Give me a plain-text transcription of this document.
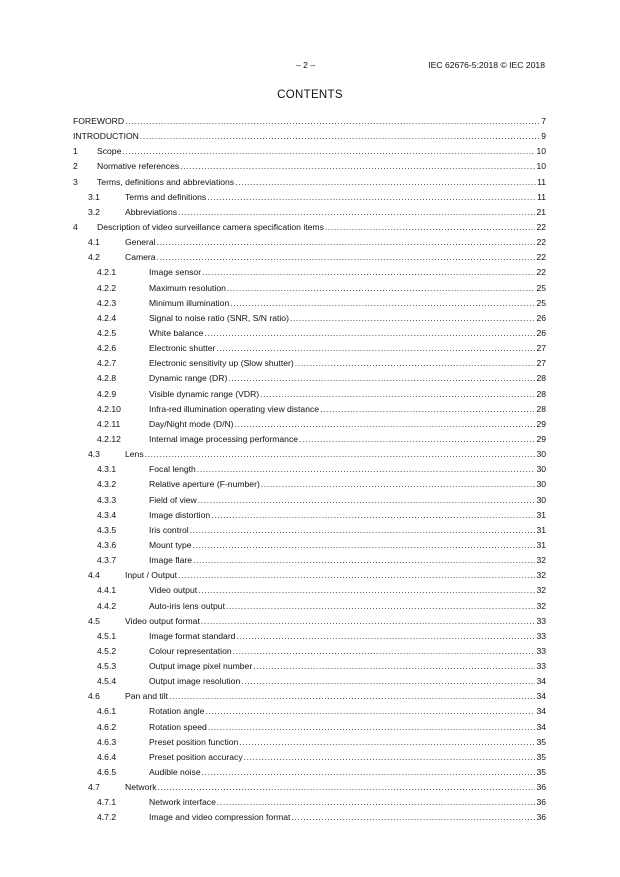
– 2 –	IEC 62676-5:2018 © IEC 2018
CONTENTS
FOREWORD .....	7
INTRODUCTION .....	9
1	Scope .....	10
2	Normative references .....	10
3	Terms, definitions and abbreviations .....	11
3.1	Terms and definitions .....	11
3.2	Abbreviations .....	21
4	Description of video surveillance camera specification items .....	22
4.1	General .....	22
4.2	Camera .....	22
4.2.1	Image sensor .....	22
4.2.2	Maximum resolution .....	25
4.2.3	Minimum illumination .....	25
4.2.4	Signal to noise ratio (SNR, S/N ratio) .....	26
4.2.5	White balance .....	26
4.2.6	Electronic shutter .....	27
4.2.7	Electronic sensitivity up (Slow shutter) .....	27
4.2.8	Dynamic range (DR) .....	28
4.2.9	Visible dynamic range (VDR) .....	28
4.2.10	Infra-red illumination operating view distance .....	28
4.2.11	Day/Night mode (D/N) .....	29
4.2.12	Internal image processing performance .....	29
4.3	Lens .....	30
4.3.1	Focal length .....	30
4.3.2	Relative aperture (F-number) .....	30
4.3.3	Field of view .....	30
4.3.4	Image distortion .....	31
4.3.5	Iris control .....	31
4.3.6	Mount type .....	31
4.3.7	Image flare .....	32
4.4	Input / Output .....	32
4.4.1	Video output .....	32
4.4.2	Auto-iris lens output .....	32
4.5	Video output format .....	33
4.5.1	Image format standard .....	33
4.5.2	Colour representation .....	33
4.5.3	Output image pixel number .....	33
4.5.4	Output image resolution .....	34
4.6	Pan and tilt .....	34
4.6.1	Rotation angle .....	34
4.6.2	Rotation speed .....	34
4.6.3	Preset position function .....	35
4.6.4	Preset position accuracy .....	35
4.6.5	Audible noise .....	35
4.7	Network .....	36
4.7.1	Network interface .....	36
4.7.2	Image and video compression format .....	36
